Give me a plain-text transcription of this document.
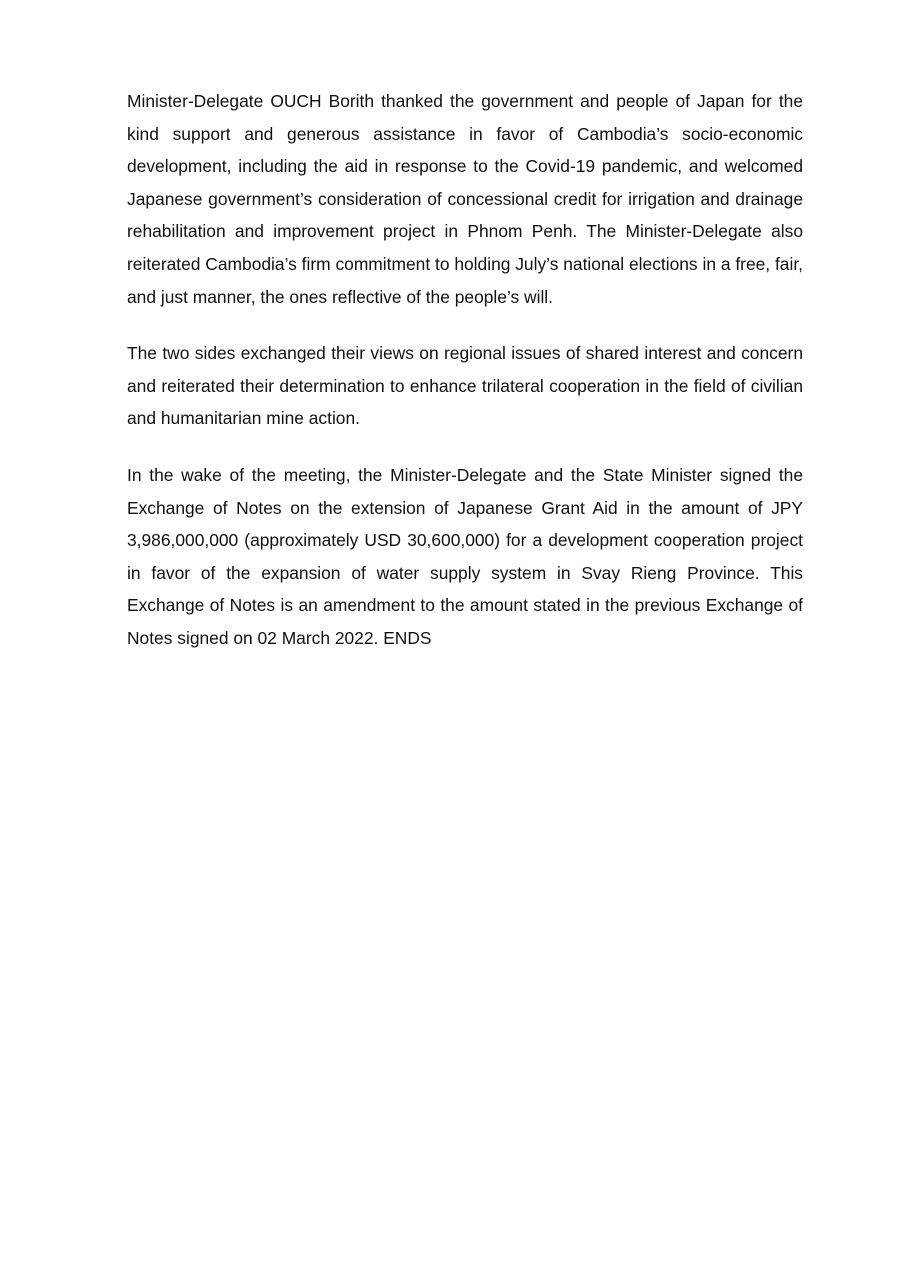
Minister-Delegate OUCH Borith thanked the government and people of Japan for the kind support and generous assistance in favor of Cambodia’s socio-economic development, including the aid in response to the Covid-19 pandemic, and welcomed Japanese government’s consideration of concessional credit for irrigation and drainage rehabilitation and improvement project in Phnom Penh. The Minister-Delegate also reiterated Cambodia’s firm commitment to holding July’s national elections in a free, fair, and just manner, the ones reflective of the people’s will.

The two sides exchanged their views on regional issues of shared interest and concern and reiterated their determination to enhance trilateral cooperation in the field of civilian and humanitarian mine action.

In the wake of the meeting, the Minister-Delegate and the State Minister signed the Exchange of Notes on the extension of Japanese Grant Aid in the amount of JPY 3,986,000,000 (approximately USD 30,600,000) for a development cooperation project in favor of the expansion of water supply system in Svay Rieng Province. This Exchange of Notes is an amendment to the amount stated in the previous Exchange of Notes signed on 02 March 2022. ENDS
